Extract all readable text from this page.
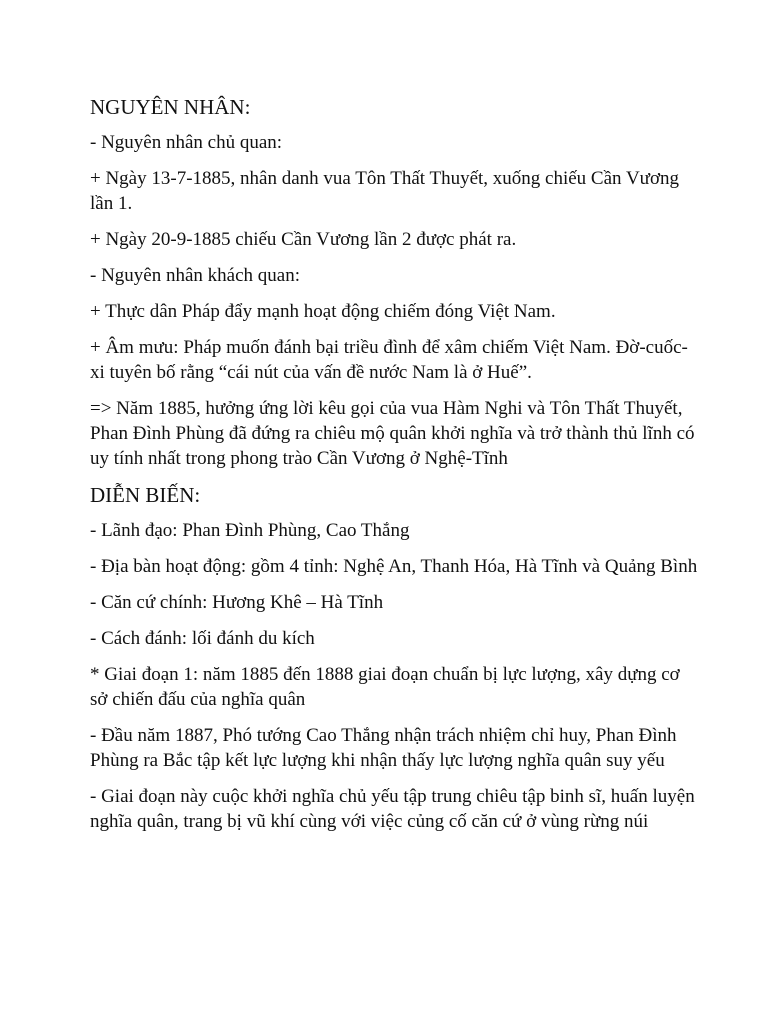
NGUYÊN NHÂN:
- Nguyên nhân chủ quan:
+ Ngày 13-7-1885, nhân danh vua Tôn Thất Thuyết, xuống chiếu Cần Vương lần 1.
+ Ngày 20-9-1885 chiếu Cần Vương lần 2 được phát ra.
- Nguyên nhân khách quan:
+ Thực dân Pháp đẩy mạnh hoạt động chiếm đóng Việt Nam.
+ Âm mưu: Pháp muốn đánh bại triều đình để xâm chiếm Việt Nam. Đờ-cuốc-xi tuyên bố rằng “cái nút của vấn đề nước Nam là ở Huế”.
=> Năm 1885, hưởng ứng lời kêu gọi của vua Hàm Nghi và Tôn Thất Thuyết, Phan Đình Phùng đã đứng ra chiêu mộ quân khởi nghĩa và trở thành thủ lĩnh có uy tính nhất trong phong trào Cần Vương ở Nghệ-Tĩnh
DIỄN BIẾN:
- Lãnh đạo: Phan Đình Phùng, Cao Thắng
- Địa bàn hoạt động: gồm 4 tỉnh: Nghệ An, Thanh Hóa, Hà Tĩnh và Quảng Bình
- Căn cứ chính: Hương Khê – Hà Tĩnh
- Cách đánh: lối đánh du kích
* Giai đoạn 1: năm 1885 đến 1888 giai đoạn chuẩn bị lực lượng, xây dựng cơ sở chiến đấu của nghĩa quân
- Đầu năm 1887, Phó tướng Cao Thắng nhận trách nhiệm chỉ huy, Phan Đình Phùng ra Bắc tập kết lực lượng khi nhận thấy lực lượng nghĩa quân suy yếu
- Giai đoạn này cuộc khởi nghĩa chủ yếu tập trung chiêu tập binh sĩ, huấn luyện nghĩa quân, trang bị vũ khí cùng với việc củng cố căn cứ ở vùng rừng núi
